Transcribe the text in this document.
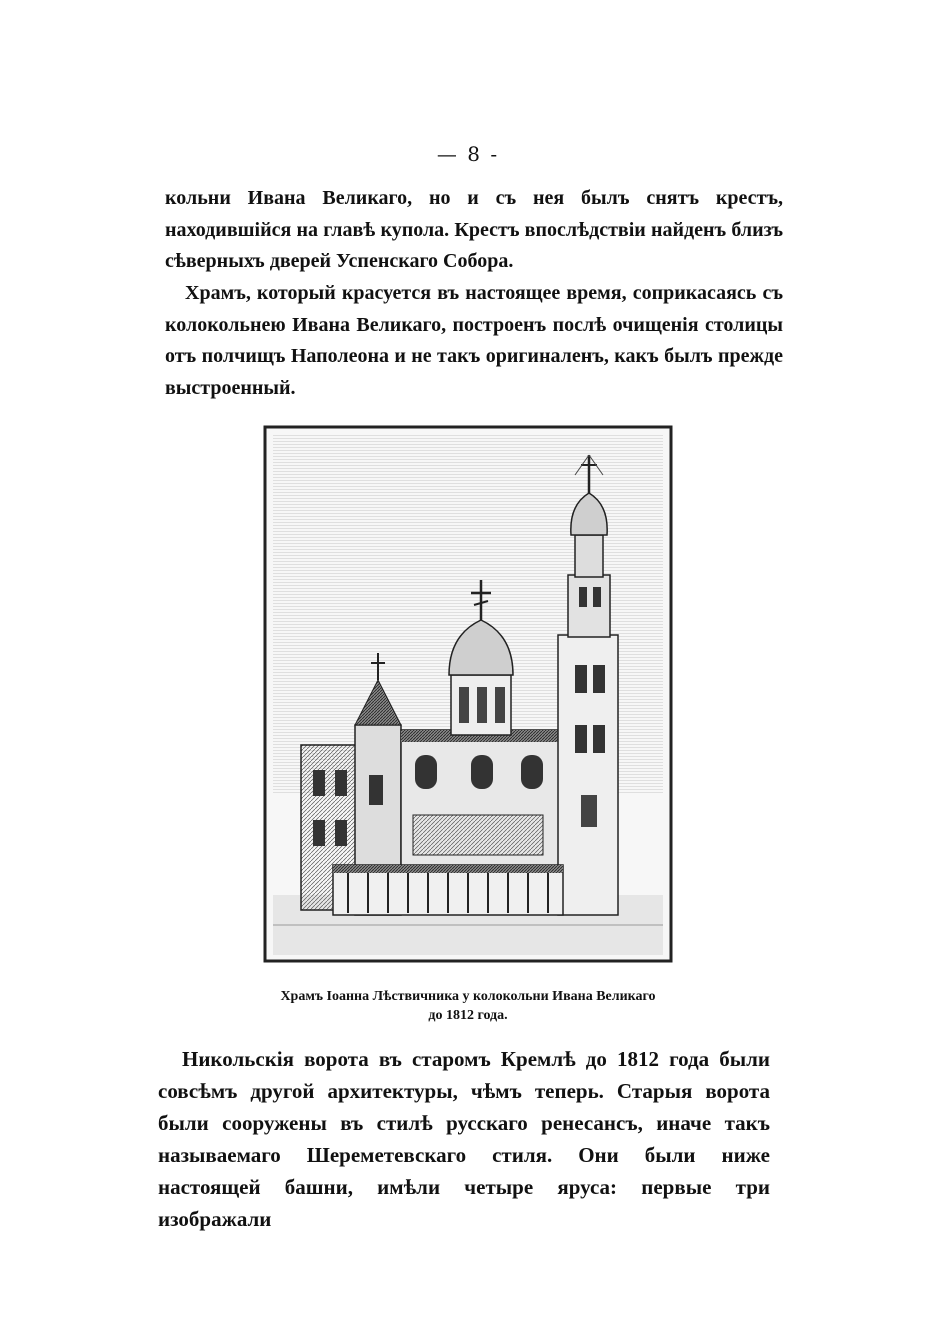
— 8 -

кольни Ивана Великаго, но и съ нея былъ снятъ крестъ, находившійся на главѣ купола. Крестъ впослѣдствіи найденъ близъ сѣверныхъ дверей Успенскаго Собора.

Храмъ, который красуется въ настоящее время, соприкасаясь съ колокольнею Ивана Великаго, построенъ послѣ очищенія столицы отъ полчищъ Наполеона и не такъ оригиналенъ, какъ былъ прежде выстроенный.

Храмъ Іоанна Лѣствичника у колокольни Ивана Великаго
до 1812 года.

Никольскія ворота въ старомъ Кремлѣ до 1812 года были совсѣмъ другой архитектуры, чѣмъ теперь. Старыя ворота были сооружены въ стилѣ русскаго ренесансъ, иначе такъ называемаго Шереметевскаго стиля. Они были ниже настоящей башни, имѣли четыре яруса: первые три изображали
